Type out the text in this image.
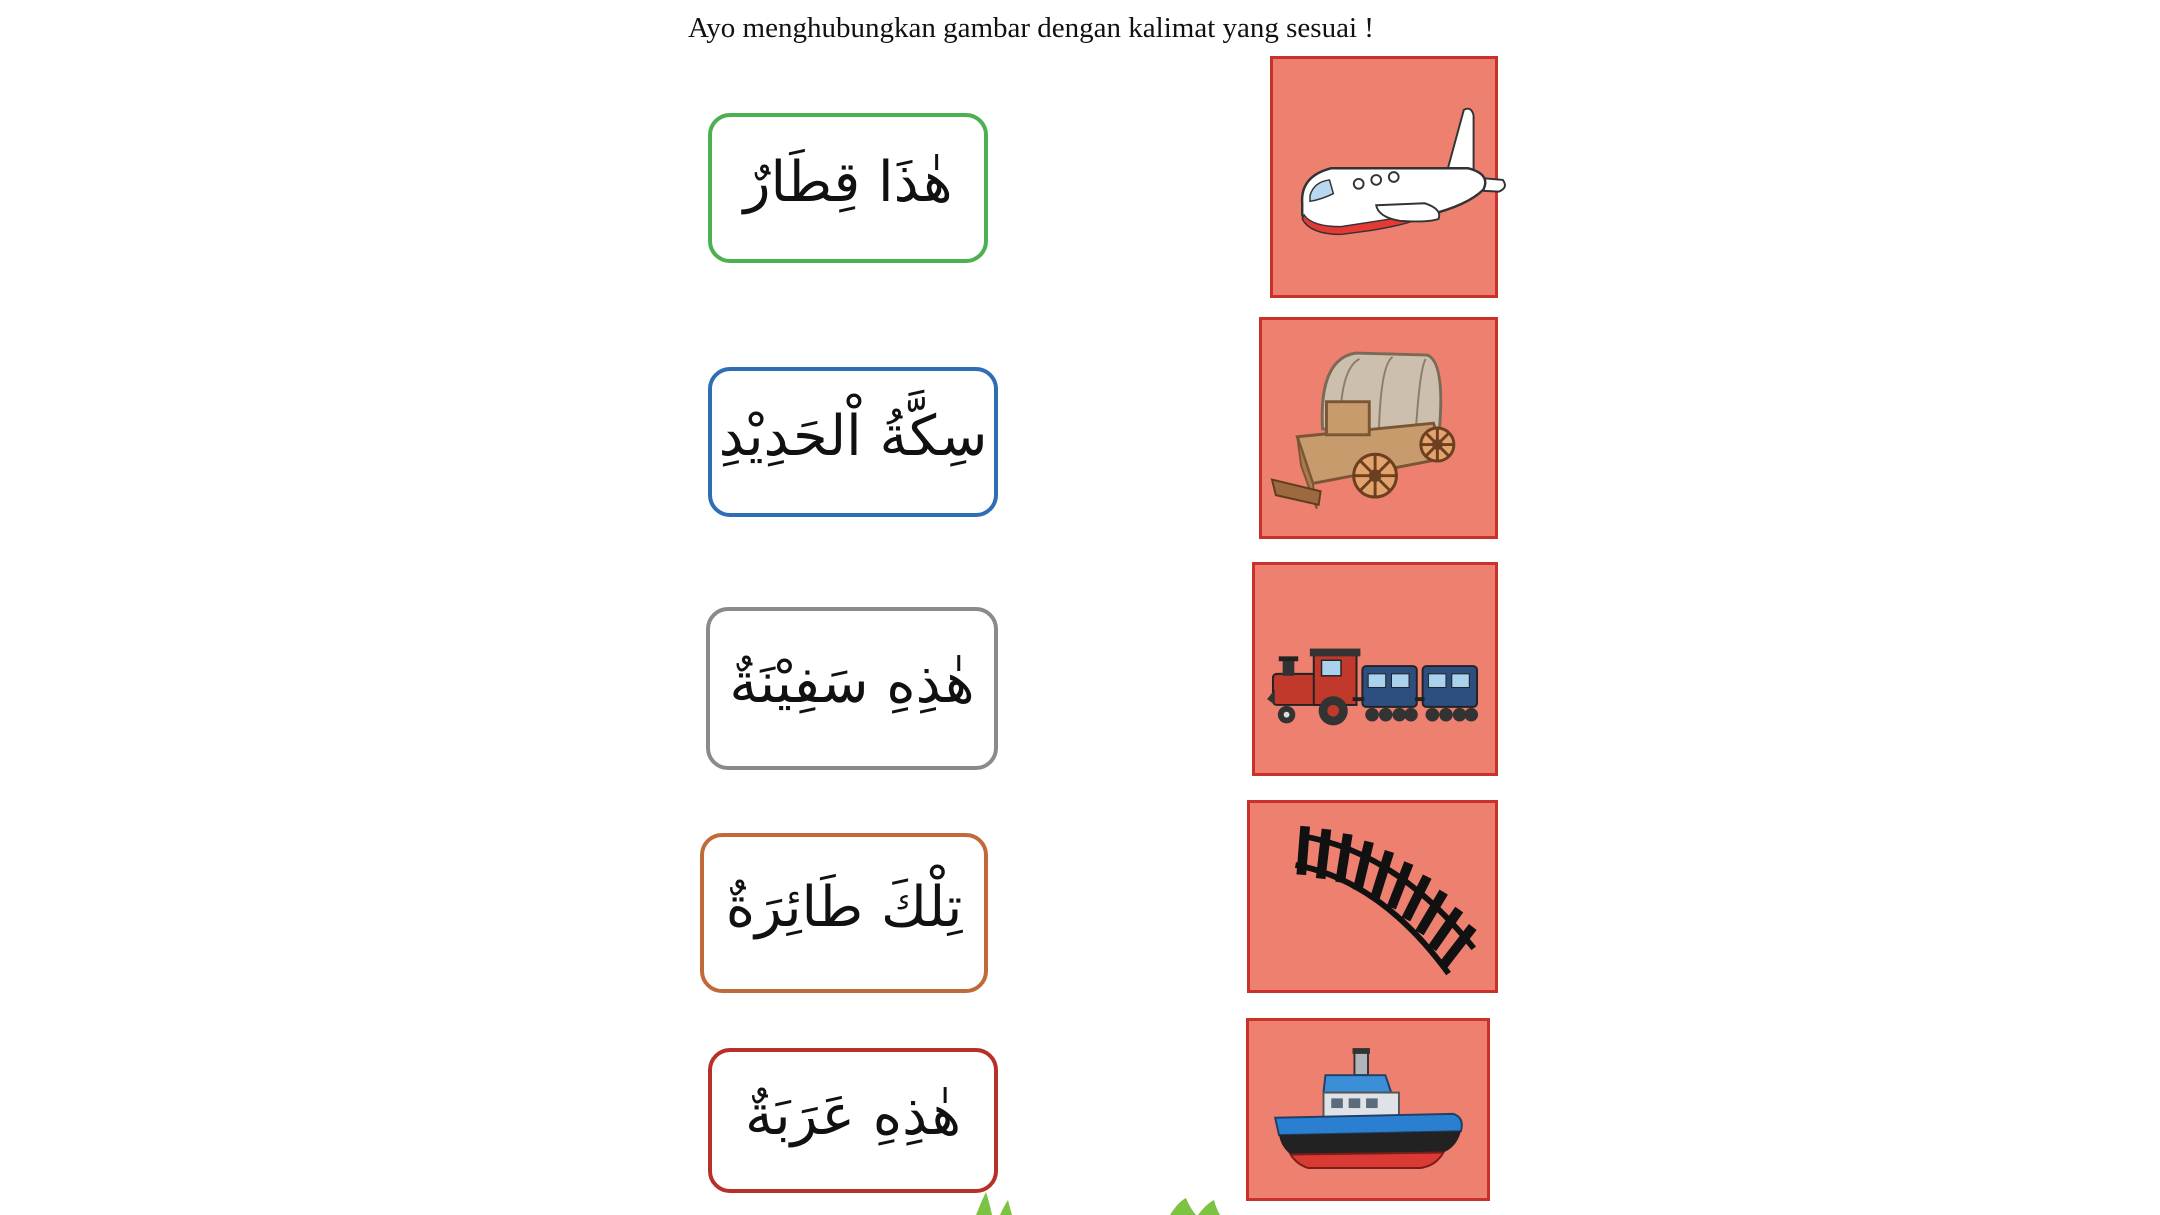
Ayo menghubungkan gambar dengan kalimat yang sesuai !
هٰذَا قِطَارٌ
سِكَّةُ اْلحَدِيْدِ
هٰذِهِ سَفِيْنَةٌ
تِلْكَ طَائِرَةٌ
هٰذِهِ عَرَبَةٌ
